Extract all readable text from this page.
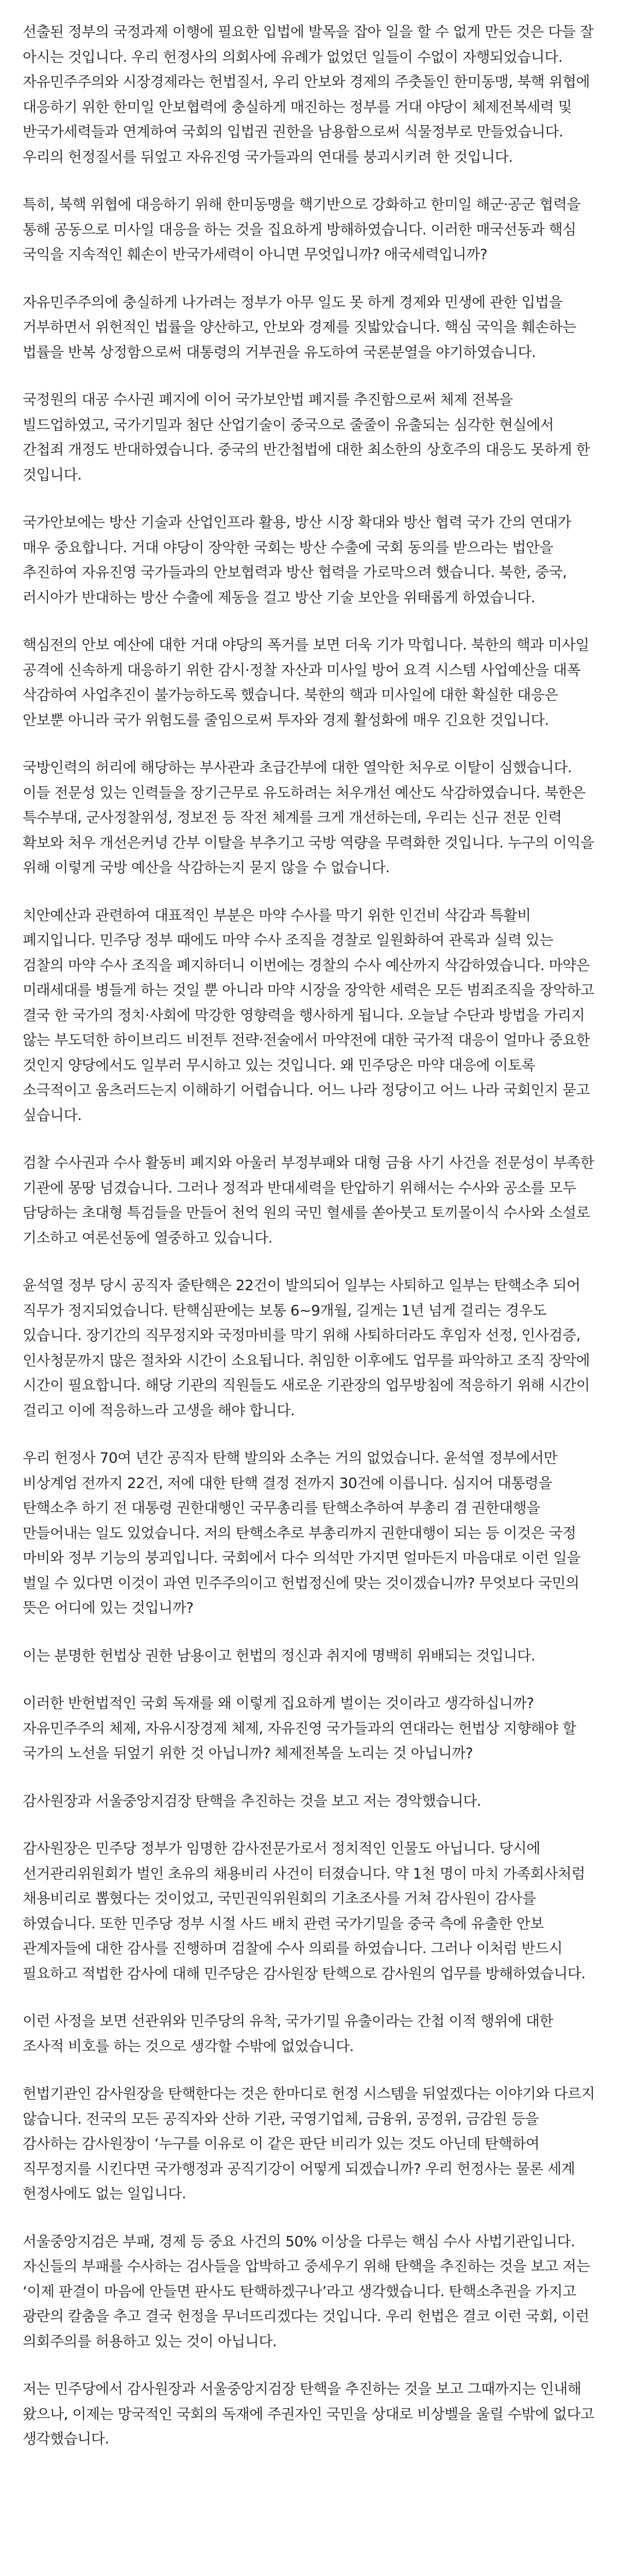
선출된 정부의 국정과제 이행에 필요한 입법에 발목을 잡아 일을 할 수 없게 만든 것은 다들 잘 아시는 것입니다. 우리 헌정사의 의회사에 유례가 없었던 일들이 수없이 자행되었습니다. 자유민주주의와 시장경제라는 헌법질서, 우리 안보와 경제의 주춧돌인 한미동맹, 북핵 위협에 대응하기 위한 한미일 안보협력에 충실하게 매진하는 정부를 거대 야당이 체제전복세력 및 반국가세력들과 연계하여 국회의 입법권 권한을 남용함으로써 식물정부로 만들었습니다. 우리의 헌정질서를 뒤엎고 자유진영 국가들과의 연대를 붕괴시키려 한 것입니다.

특히, 북핵 위협에 대응하기 위해 한미동맹을 핵기반으로 강화하고 한미일 해군·공군 협력을 통해 공동으로 미사일 대응을 하는 것을 집요하게 방해하였습니다. 이러한 매국선동과 핵심 국익을 지속적인 훼손이 반국가세력이 아니면 무엇입니까? 애국세력입니까?

자유민주주의에 충실하게 나가려는 정부가 아무 일도 못 하게 경제와 민생에 관한 입법을 거부하면서 위헌적인 법률을 양산하고, 안보와 경제를 짓밟았습니다. 핵심 국익을 훼손하는 법률을 반복 상정함으로써 대통령의 거부권을 유도하여 국론분열을 야기하였습니다.

국정원의 대공 수사권 폐지에 이어 국가보안법 폐지를 추진함으로써 체제 전복을 빌드업하였고, 국가기밀과 첨단 산업기술이 중국으로 줄줄이 유출되는 심각한 현실에서 간첩죄 개정도 반대하였습니다. 중국의 반간첩법에 대한 최소한의 상호주의 대응도 못하게 한 것입니다.

국가안보에는 방산 기술과 산업인프라 활용, 방산 시장 확대와 방산 협력 국가 간의 연대가 매우 중요합니다. 거대 야당이 장악한 국회는 방산 수출에 국회 동의를 받으라는 법안을 추진하여 자유진영 국가들과의 안보협력과 방산 협력을 가로막으려 했습니다. 북한, 중국, 러시아가 반대하는 방산 수출에 제동을 걸고 방산 기술 보안을 위태롭게 하였습니다.

핵심전의 안보 예산에 대한 거대 야당의 폭거를 보면 더욱 기가 막힙니다. 북한의 핵과 미사일 공격에 신속하게 대응하기 위한 감시·정찰 자산과 미사일 방어 요격 시스템 사업예산을 대폭 삭감하여 사업추진이 불가능하도록 했습니다. 북한의 핵과 미사일에 대한 확실한 대응은 안보뿐 아니라 국가 위험도를 줄임으로써 투자와 경제 활성화에 매우 긴요한 것입니다.

국방인력의 허리에 해당하는 부사관과 초급간부에 대한 열악한 처우로 이탈이 심했습니다. 이들 전문성 있는 인력들을 장기근무로 유도하려는 처우개선 예산도 삭감하였습니다. 북한은 특수부대, 군사정찰위성, 정보전 등 작전 체계를 크게 개선하는데, 우리는 신규 전문 인력 확보와 처우 개선은커녕 간부 이탈을 부추기고 국방 역량을 무력화한 것입니다. 누구의 이익을 위해 이렇게 국방 예산을 삭감하는지 묻지 않을 수 없습니다.

치안예산과 관련하여 대표적인 부분은 마약 수사를 막기 위한 인건비 삭감과 특활비 폐지입니다. 민주당 정부 때에도 마약 수사 조직을 경찰로 일원화하여 관록과 실력 있는 검찰의 마약 수사 조직을 폐지하더니 이번에는 경찰의 수사 예산까지 삭감하였습니다. 마약은 미래세대를 병들게 하는 것일 뿐 아니라 마약 시장을 장악한 세력은 모든 범죄조직을 장악하고 결국 한 국가의 정치·사회에 막강한 영향력을 행사하게 됩니다. 오늘날 수단과 방법을 가리지 않는 부도덕한 하이브리드 비전투 전략·전술에서 마약전에 대한 국가적 대응이 얼마나 중요한 것인지 양당에서도 일부러 무시하고 있는 것입니다. 왜 민주당은 마약 대응에 이토록 소극적이고 움츠러드는지 이해하기 어렵습니다. 어느 나라 정당이고 어느 나라 국회인지 묻고 싶습니다.

검찰 수사권과 수사 활동비 폐지와 아울러 부정부패와 대형 금융 사기 사건을 전문성이 부족한 기관에 몽땅 넘겼습니다. 그러나 정적과 반대세력을 탄압하기 위해서는 수사와 공소를 모두 담당하는 초대형 특검들을 만들어 천억 원의 국민 혈세를 쏟아붓고 토끼몰이식 수사와 소설로 기소하고 여론선동에 열중하고 있습니다.

윤석열 정부 당시 공직자 줄탄핵은 22건이 발의되어 일부는 사퇴하고 일부는 탄핵소추 되어 직무가 정지되었습니다. 탄핵심판에는 보통 6~9개월, 길게는 1년 넘게 걸리는 경우도 있습니다. 장기간의 직무정지와 국정마비를 막기 위해 사퇴하더라도 후임자 선정, 인사검증, 인사청문까지 많은 절차와 시간이 소요됩니다. 취임한 이후에도 업무를 파악하고 조직 장악에 시간이 필요합니다. 해당 기관의 직원들도 새로운 기관장의 업무방침에 적응하기 위해 시간이 걸리고 이에 적응하느라 고생을 해야 합니다.

우리 헌정사 70여 년간 공직자 탄핵 발의와 소추는 거의 없었습니다. 윤석열 정부에서만 비상계엄 전까지 22건, 저에 대한 탄핵 결정 전까지 30건에 이릅니다. 심지어 대통령을 탄핵소추 하기 전 대통령 권한대행인 국무총리를 탄핵소추하여 부총리 겸 권한대행을 만들어내는 일도 있었습니다. 저의 탄핵소추로 부총리까지 권한대행이 되는 등 이것은 국정 마비와 정부 기능의 붕괴입니다. 국회에서 다수 의석만 가지면 얼마든지 마음대로 이런 일을 벌일 수 있다면 이것이 과연 민주주의이고 헌법정신에 맞는 것이겠습니까? 무엇보다 국민의 뜻은 어디에 있는 것입니까?

이는 분명한 헌법상 권한 남용이고 헌법의 정신과 취지에 명백히 위배되는 것입니다.

이러한 반헌법적인 국회 독재를 왜 이렇게 집요하게 벌이는 것이라고 생각하십니까? 자유민주주의 체제, 자유시장경제 체제, 자유진영 국가들과의 연대라는 헌법상 지향해야 할 국가의 노선을 뒤엎기 위한 것 아닙니까? 체제전복을 노리는 것 아닙니까?

감사원장과 서울중앙지검장 탄핵을 추진하는 것을 보고 저는 경악했습니다.

감사원장은 민주당 정부가 임명한 감사전문가로서 정치적인 인물도 아닙니다. 당시에 선거관리위원회가 벌인 초유의 채용비리 사건이 터졌습니다. 약 1천 명이 마치 가족회사처럼 채용비리로 뽑혔다는 것이었고, 국민권익위원회의 기초조사를 거쳐 감사원이 감사를 하였습니다. 또한 민주당 정부 시절 사드 배치 관련 국가기밀을 중국 측에 유출한 안보 관계자들에 대한 감사를 진행하며 검찰에 수사 의뢰를 하였습니다. 그러나 이처럼 반드시 필요하고 적법한 감사에 대해 민주당은 감사원장 탄핵으로 감사원의 업무를 방해하였습니다.

이런 사정을 보면 선관위와 민주당의 유착, 국가기밀 유출이라는 간첩 이적 행위에 대한 조사적 비호를 하는 것으로 생각할 수밖에 없었습니다.

헌법기관인 감사원장을 탄핵한다는 것은 한마디로 헌정 시스템을 뒤엎겠다는 이야기와 다르지 않습니다. 전국의 모든 공직자와 산하 기관, 국영기업체, 금융위, 공정위, 금감원 등을 감사하는 감사원장이 ‘누구를 이유로 이 같은 판단 비리가 있는 것도 아닌데 탄핵하여 직무정지를 시킨다면 국가행정과 공직기강이 어떻게 되겠습니까? 우리 헌정사는 물론 세계 헌정사에도 없는 일입니다.

서울중앙지검은 부패, 경제 등 중요 사건의 50% 이상을 다루는 핵심 수사 사법기관입니다. 자신들의 부패를 수사하는 검사들을 압박하고 중세우기 위해 탄핵을 추진하는 것을 보고 저는 ‘이제 판결이 마음에 안들면 판사도 탄핵하겠구나’라고 생각했습니다. 탄핵소추권을 가지고 광란의 칼춤을 추고 결국 헌정을 무너뜨리겠다는 것입니다. 우리 헌법은 결코 이런 국회, 이런 의회주의를 허용하고 있는 것이 아닙니다.

저는 민주당에서 감사원장과 서울중앙지검장 탄핵을 추진하는 것을 보고 그때까지는 인내해 왔으나, 이제는 망국적인 국회의 독재에 주권자인 국민을 상대로 비상벨을 울릴 수밖에 없다고 생각했습니다.
